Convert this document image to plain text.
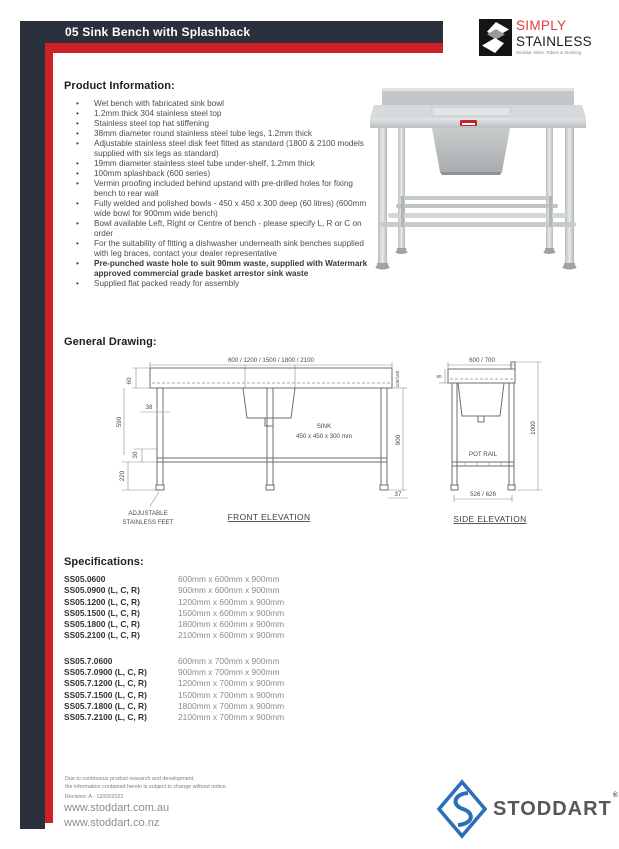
05 Sink Bench with Splashback	SIMPLY
STAINLESS
Modular Sinks, Tables & Shelving
Product Information:
• Wet bench with fabricated sink bowl
• 1.2mm thick 304 stainless steel top
• Stainless steel top hat stiffening
• 38mm diameter round stainless steel tube legs, 1.2mm thick
• Adjustable stainless steel disk feet fitted as standard (1800 & 2100 models supplied with six legs as standard)
• 19mm diameter stainless steel tube under-shelf, 1.2mm thick
• 100mm splashback (600 series)
• Vermin proofing included behind upstand with pre-drilled holes for fixing bench to rear wall
• Fully welded and polished bowls - 450 x 450 x 300 deep (60 litres) (600mm wide bowl for 900mm wide bench)
• Bowl available Left, Right or Centre of bench - please specify L, R or C on order
• For the suitability of fitting a dishwasher underneath sink benches supplied with leg braces, contact your dealer representative
• Pre-punched waste hole to suit 90mm waste, supplied with Watermark approved commercial grade basket arrestor sink waste
• Supplied flat packed ready for assembly
General Drawing:
600 / 1200 / 1500 / 1800 / 2100
60
590
38
30
220
100/150
900
37
SINK
450 x 450 x 300 mm
ADJUSTABLE
STAINLESS FEET
FRONT ELEVATION
POT RAIL
600 / 700
80
1000
526 / 626
SIDE ELEVATION
Specifications:
SS05.0600	600mm x 600mm x 900mm
SS05.0900 (L, C, R)	900mm x 600mm x 900mm
SS05.1200 (L, C, R)	1200mm x 600mm x 900mm
SS05.1500 (L, C, R)	1500mm x 600mm x 900mm
SS05.1800 (L, C, R)	1800mm x 600mm x 900mm
SS05.2100 (L, C, R)	2100mm x 600mm x 900mm
SS05.7.0600	600mm x 700mm x 900mm
SS05.7.0900 (L, C, R)	900mm x 700mm x 900mm
SS05.7.1200 (L, C, R)	1200mm x 700mm x 900mm
SS05.7.1500 (L, C, R)	1500mm x 700mm x 900mm
SS05.7.1800 (L, C, R)	1800mm x 700mm x 900mm
SS05.7.2100 (L, C, R)	2100mm x 700mm x 900mm
Due to continuous product research and development,
the information contained herein is subject to change without notice.
Revision: A - 12/03/2021
www.stoddart.com.au
www.stoddart.co.nz
STODDART®
